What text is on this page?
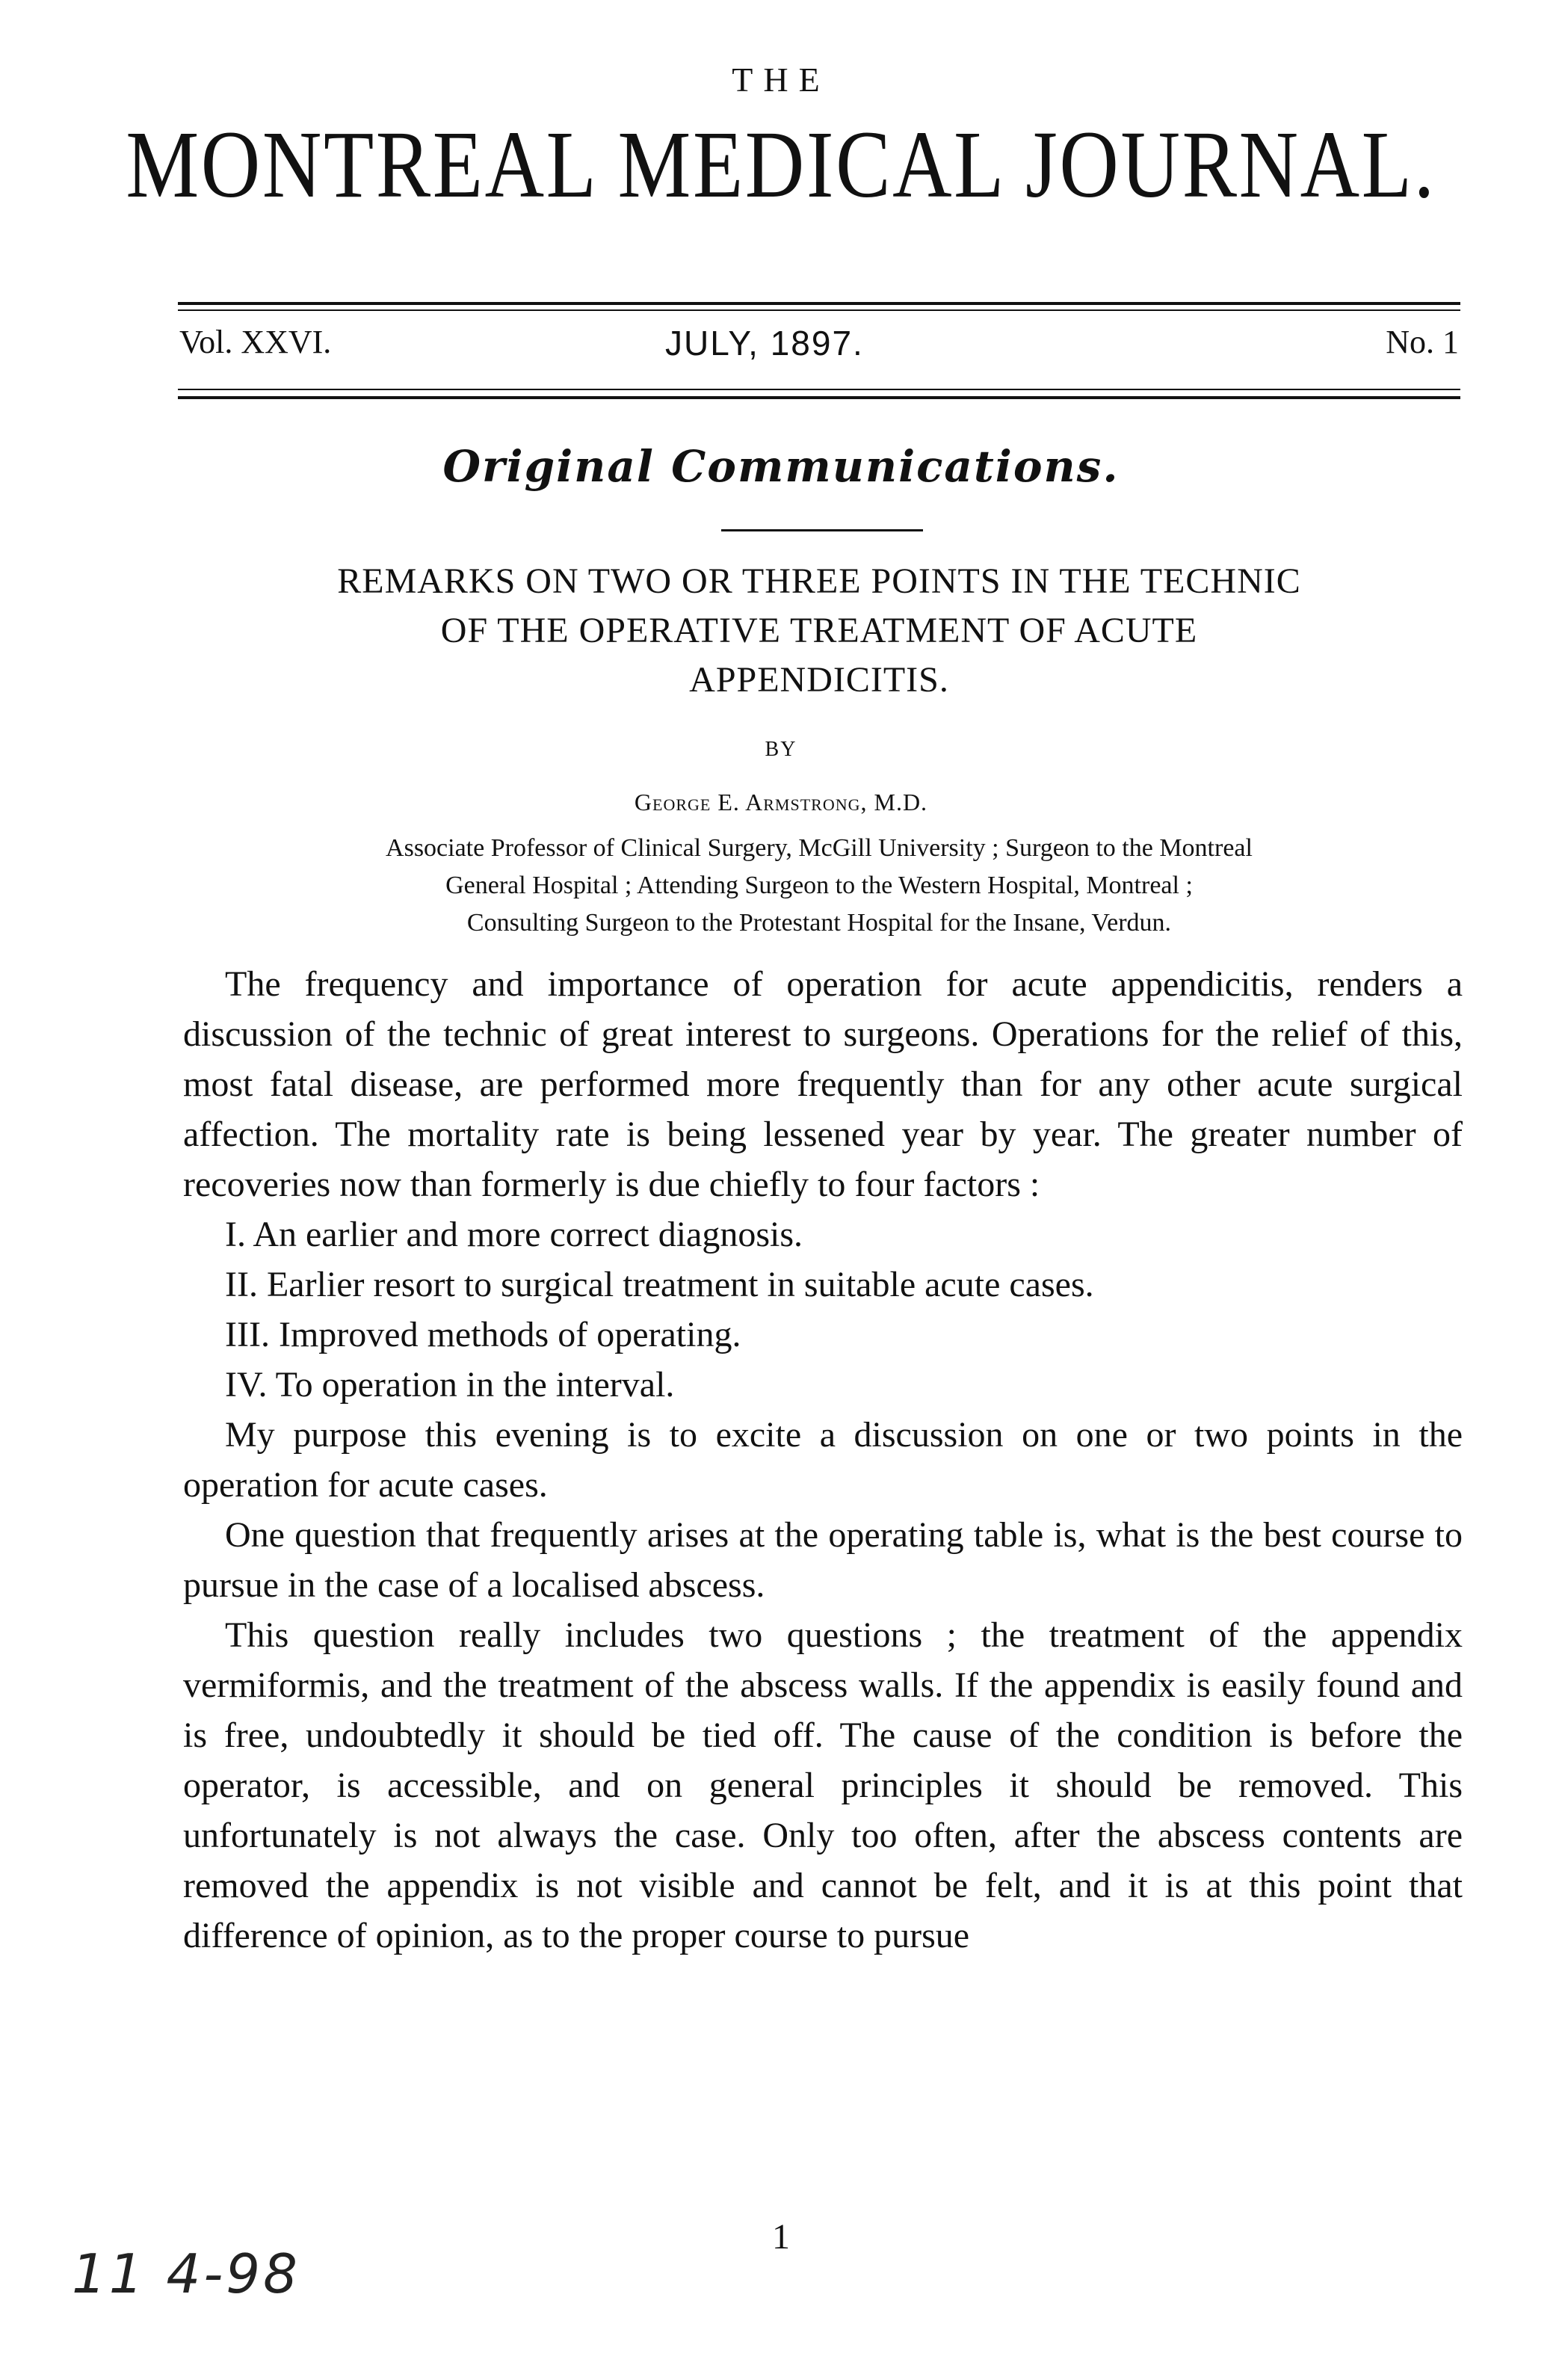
THE
MONTREAL MEDICAL JOURNAL.
Vol. XXVI.	JULY, 1897.	No. 1
Original Communications.
REMARKS ON TWO OR THREE POINTS IN THE TECHNIC
OF THE OPERATIVE TREATMENT OF ACUTE
APPENDICITIS.
BY
George E. Armstrong, M.D.
Associate Professor of Clinical Surgery, McGill University ; Surgeon to the Montreal
General Hospital ; Attending Surgeon to the Western Hospital, Montreal ;
Consulting Surgeon to the Protestant Hospital for the Insane, Verdun.

The frequency and importance of operation for acute appendicitis, renders a discussion of the technic of great interest to surgeons. Operations for the relief of this, most fatal disease, are performed more frequently than for any other acute surgical affection. The mortality rate is being lessened year by year. The greater number of recoveries now than formerly is due chiefly to four factors :

I. An earlier and more correct diagnosis.

II. Earlier resort to surgical treatment in suitable acute cases.

III. Improved methods of operating.

IV. To operation in the interval.

My purpose this evening is to excite a discussion on one or two points in the operation for acute cases.

One question that frequently arises at the operating table is, what is the best course to pursue in the case of a localised abscess.

This question really includes two questions ; the treatment of the appendix vermiformis, and the treatment of the abscess walls. If the appendix is easily found and is free, undoubtedly it should be tied off. The cause of the condition is before the operator, is accessible, and on general principles it should be removed. This unfortunately is not always the case. Only too often, after the abscess contents are removed the appendix is not visible and cannot be felt, and it is at this point that difference of opinion, as to the proper course to pursue

1
11 4-98
